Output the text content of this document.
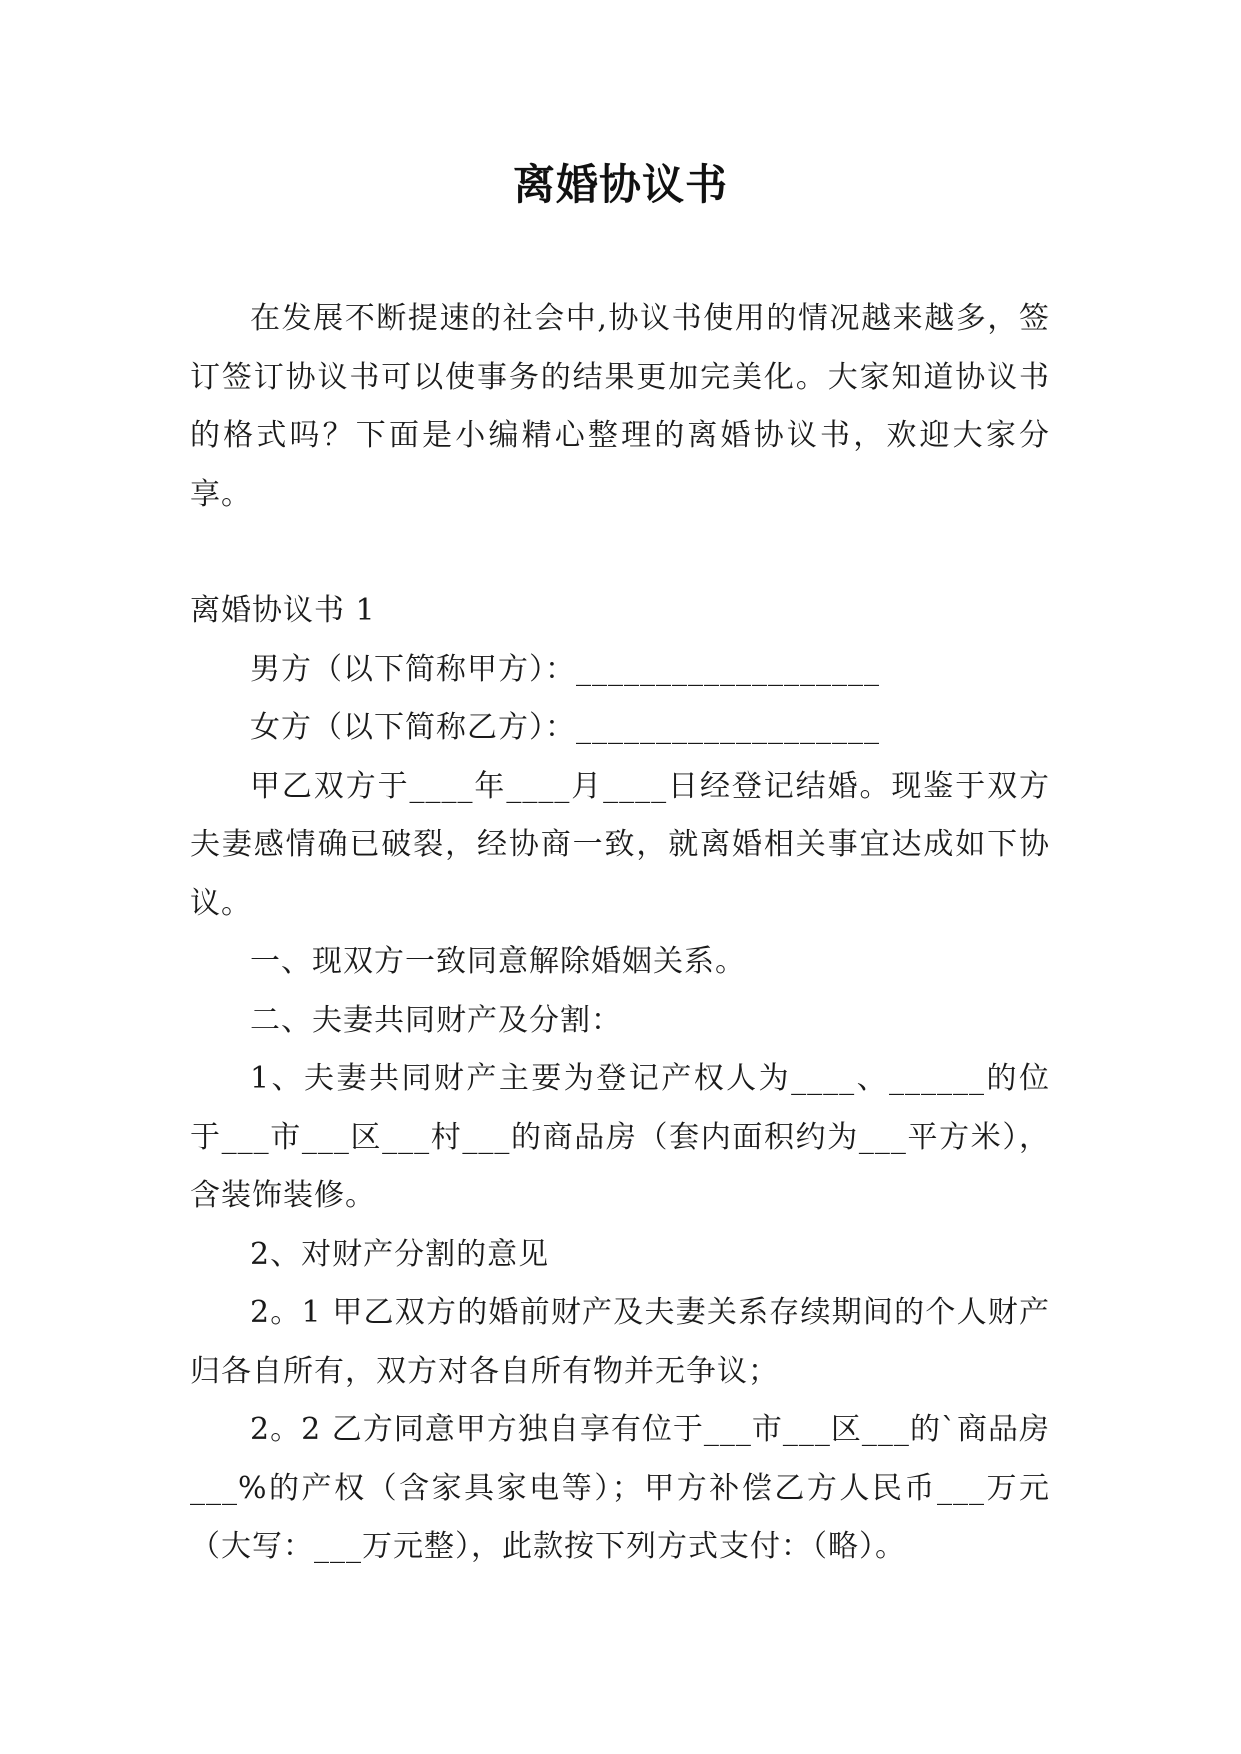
离婚协议书

在发展不断提速的社会中,协议书使用的情况越来越多，签订签订协议书可以使事务的结果更加完美化。大家知道协议书的格式吗？下面是小编精心整理的离婚协议书，欢迎大家分享。

离婚协议书 1

男方（以下简称甲方）：___________________

女方（以下简称乙方）：___________________

甲乙双方于____年____月____日经登记结婚。现鉴于双方夫妻感情确已破裂，经协商一致，就离婚相关事宜达成如下协议。

一、现双方一致同意解除婚姻关系。

二、夫妻共同财产及分割：

1、夫妻共同财产主要为登记产权人为____、______的位于___市___区___村___的商品房（套内面积约为___平方米），含装饰装修。

2、对财产分割的意见

2。1 甲乙双方的婚前财产及夫妻关系存续期间的个人财产归各自所有，双方对各自所有物并无争议；

2。2 乙方同意甲方独自享有位于___市___区___的`商品房___%的产权（含家具家电等）；甲方补偿乙方人民币___万元（大写：___万元整），此款按下列方式支付：（略）。
